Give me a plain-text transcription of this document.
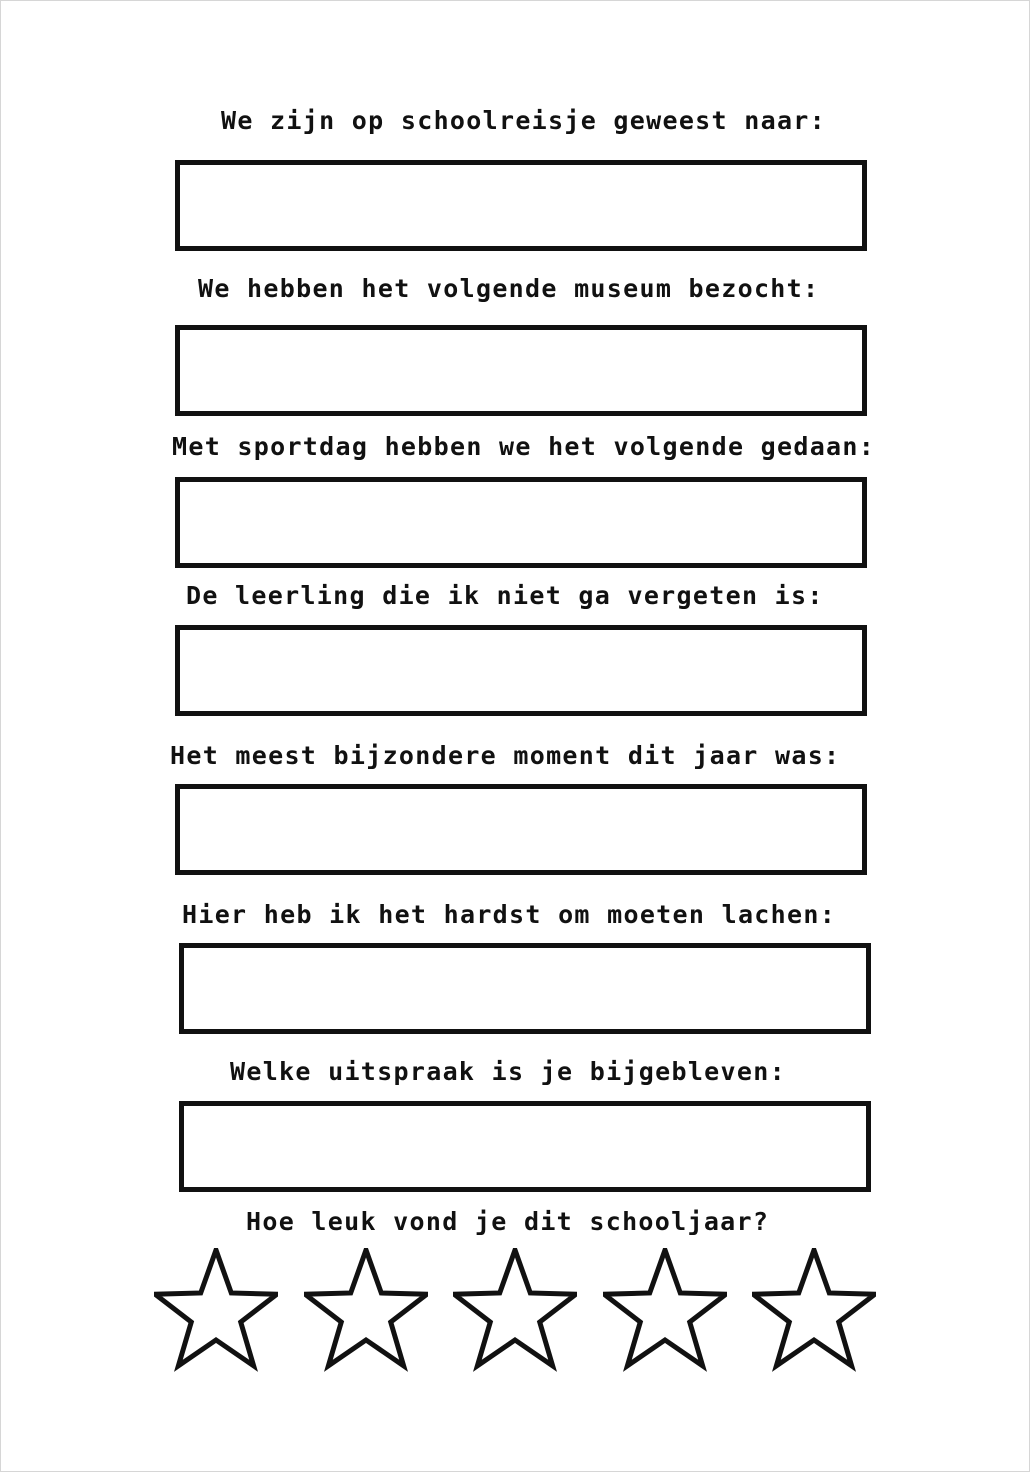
We zijn op schoolreisje geweest naar:
We hebben het volgende museum bezocht:
Met sportdag hebben we het volgende gedaan:
De leerling die ik niet ga vergeten is:
Het meest bijzondere moment dit jaar was:
Hier heb ik het hardst om moeten lachen:
Welke uitspraak is je bijgebleven:
Hoe leuk vond je dit schooljaar?
